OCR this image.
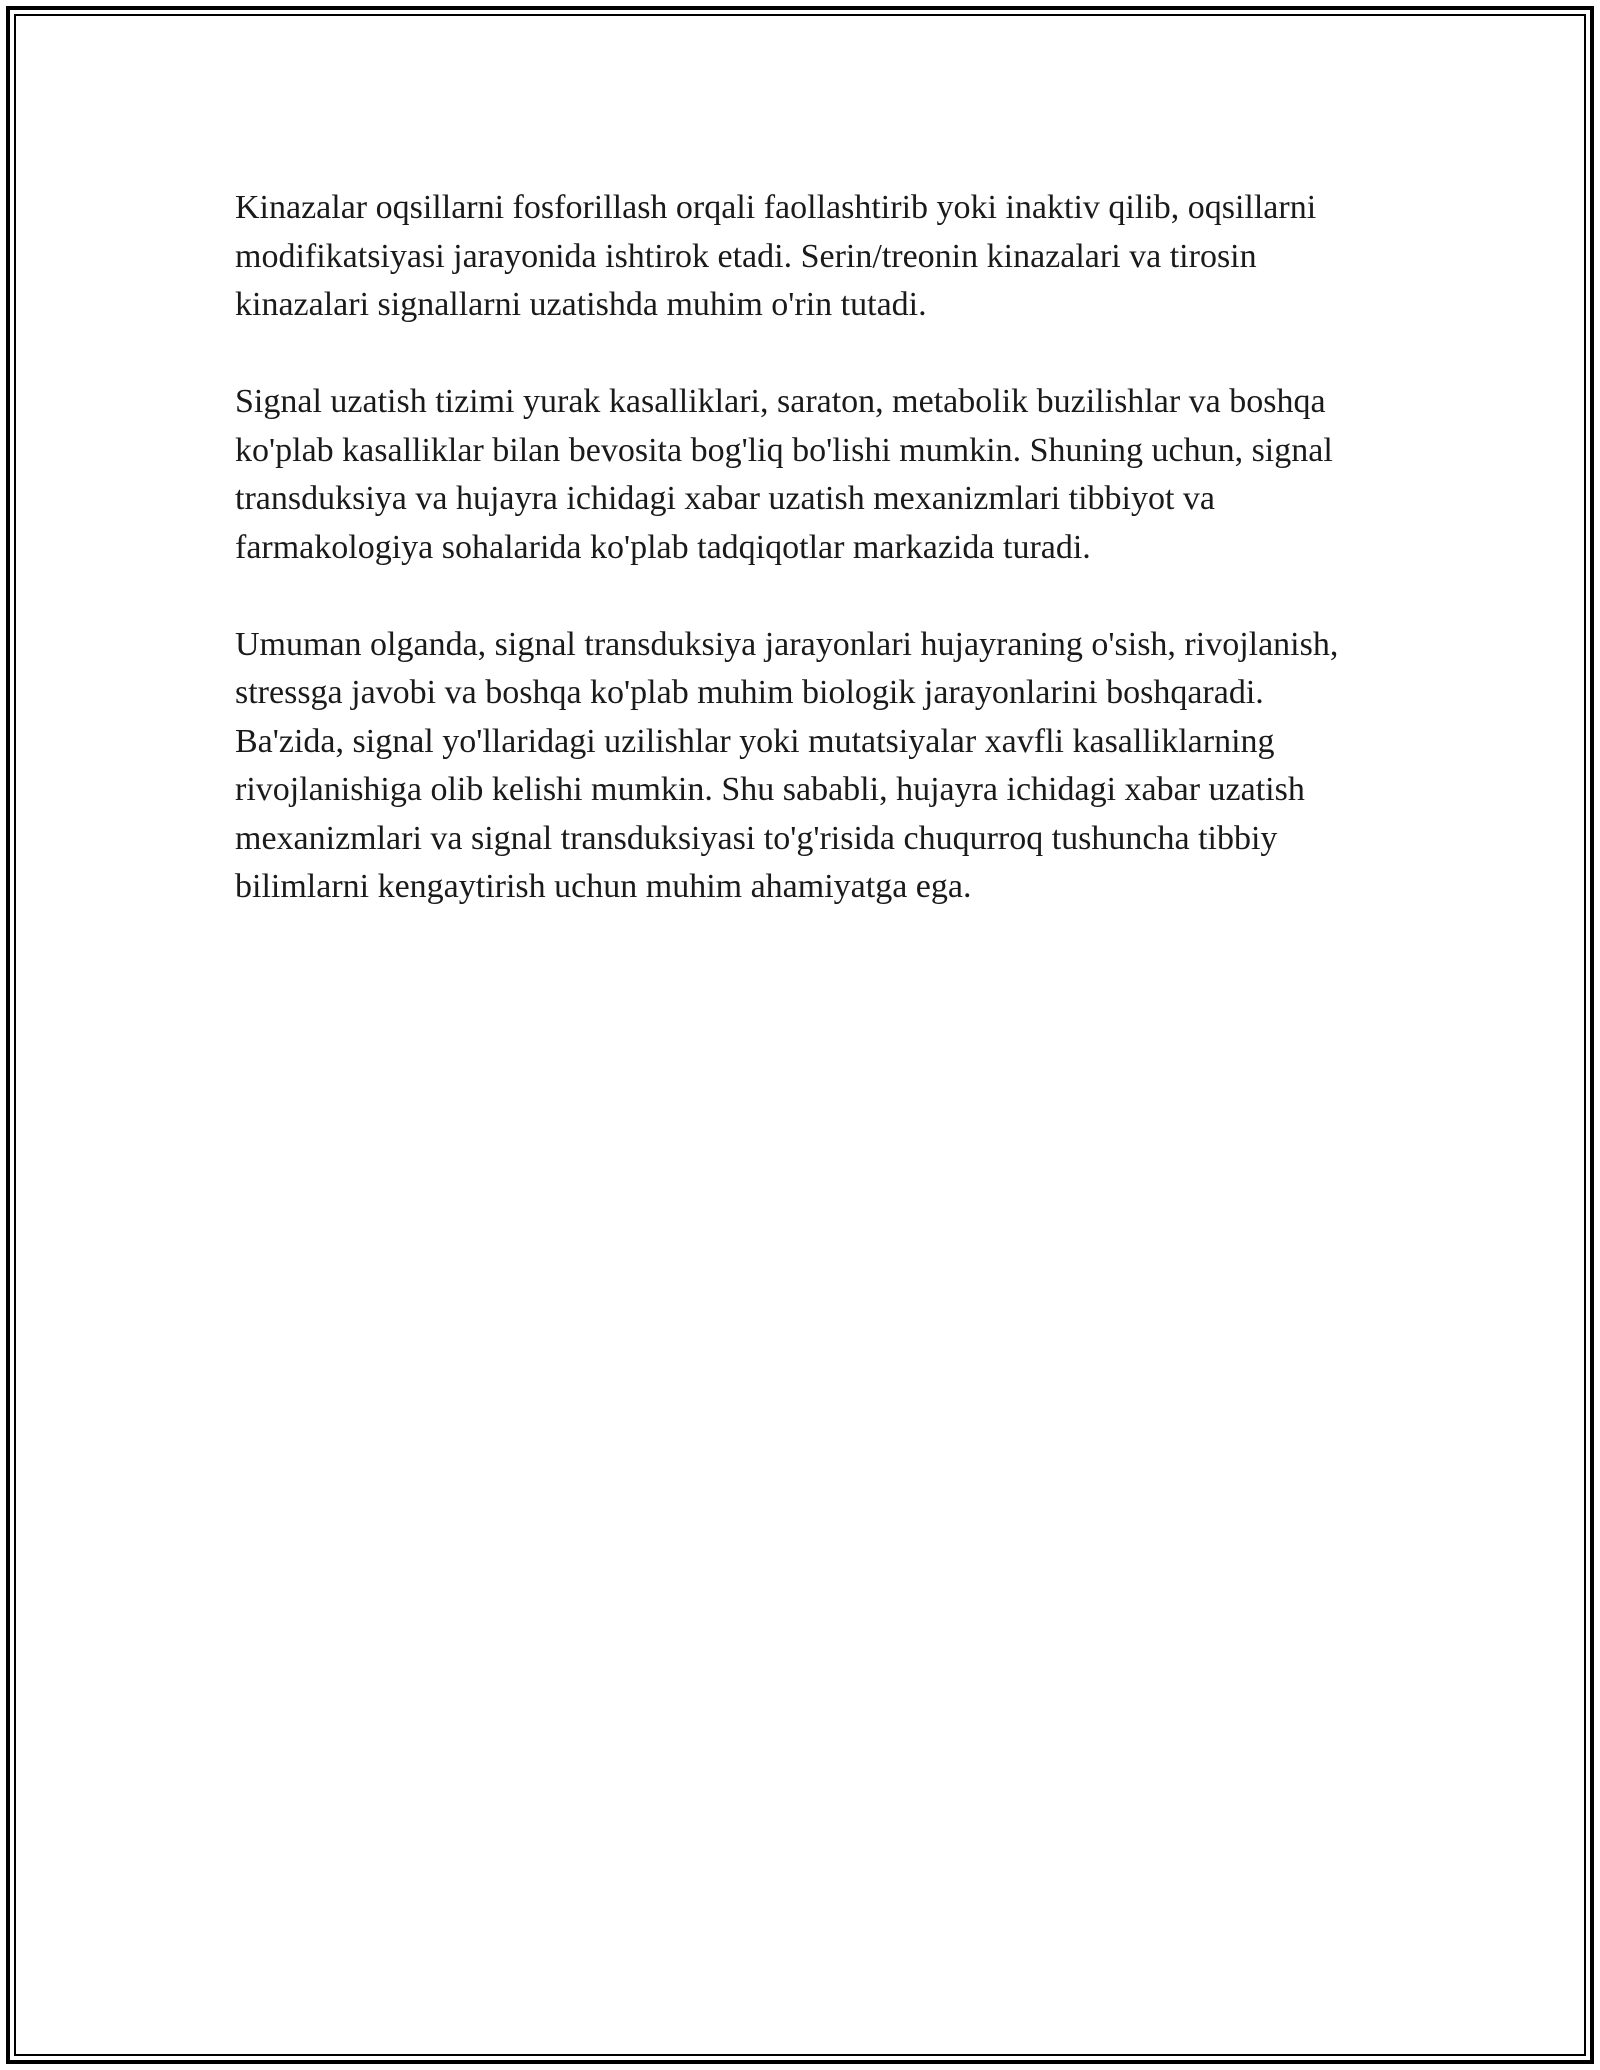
Kinazalar oqsillarni fosforillash orqali faollashtirib yoki inaktiv qilib, oqsillarni modifikatsiyasi jarayonida ishtirok etadi. Serin/treonin kinazalari va tirosin kinazalari signallarni uzatishda muhim o'rin tutadi.

Signal uzatish tizimi yurak kasalliklari, saraton, metabolik buzilishlar va boshqa ko'plab kasalliklar bilan bevosita bog'liq bo'lishi mumkin. Shuning uchun, signal transduksiya va hujayra ichidagi xabar uzatish mexanizmlari tibbiyot va farmakologiya sohalarida ko'plab tadqiqotlar markazida turadi.

Umuman olganda, signal transduksiya jarayonlari hujayraning o'sish, rivojlanish, stressga javobi va boshqa ko'plab muhim biologik jarayonlarini boshqaradi. Ba'zida, signal yo'llaridagi uzilishlar yoki mutatsiyalar xavfli kasalliklarning rivojlanishiga olib kelishi mumkin. Shu sababli, hujayra ichidagi xabar uzatish mexanizmlari va signal transduksiyasi to'g'risida chuqurroq tushuncha tibbiy bilimlarni kengaytirish uchun muhim ahamiyatga ega.
